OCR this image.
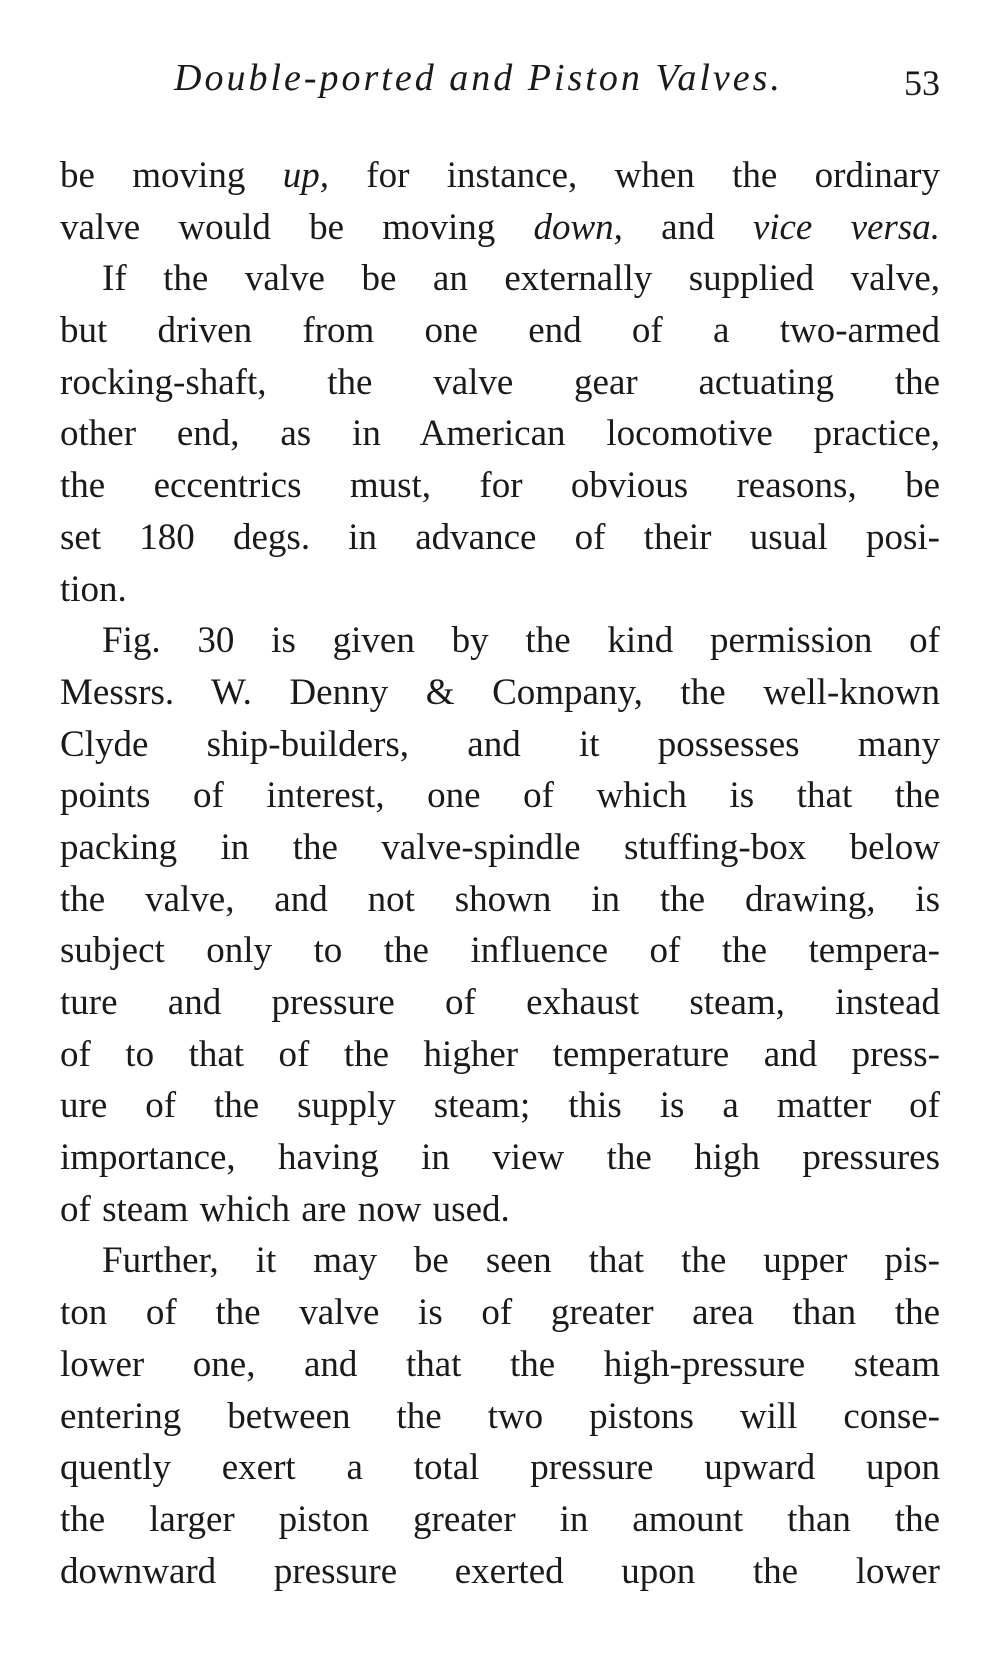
Double-ported and Piston Valves.	53
be moving up, for instance, when the ordinary
valve would be moving down, and vice versa.
If the valve be an externally supplied valve,
but driven from one end of a two-armed
rocking-shaft, the valve gear actuating the
other end, as in American locomotive practice,
the eccentrics must, for obvious reasons, be
set 180 degs. in advance of their usual posi-
tion.
Fig. 30 is given by the kind permission of
Messrs. W. Denny & Company, the well-known
Clyde ship-builders, and it possesses many
points of interest, one of which is that the
packing in the valve-spindle stuffing-box below
the valve, and not shown in the drawing, is
subject only to the influence of the tempera-
ture and pressure of exhaust steam, instead
of to that of the higher temperature and press-
ure of the supply steam; this is a matter of
importance, having in view the high pressures
of steam which are now used.
Further, it may be seen that the upper pis-
ton of the valve is of greater area than the
lower one, and that the high-pressure steam
entering between the two pistons will conse-
quently exert a total pressure upward upon
the larger piston greater in amount than the
downward pressure exerted upon the lower
